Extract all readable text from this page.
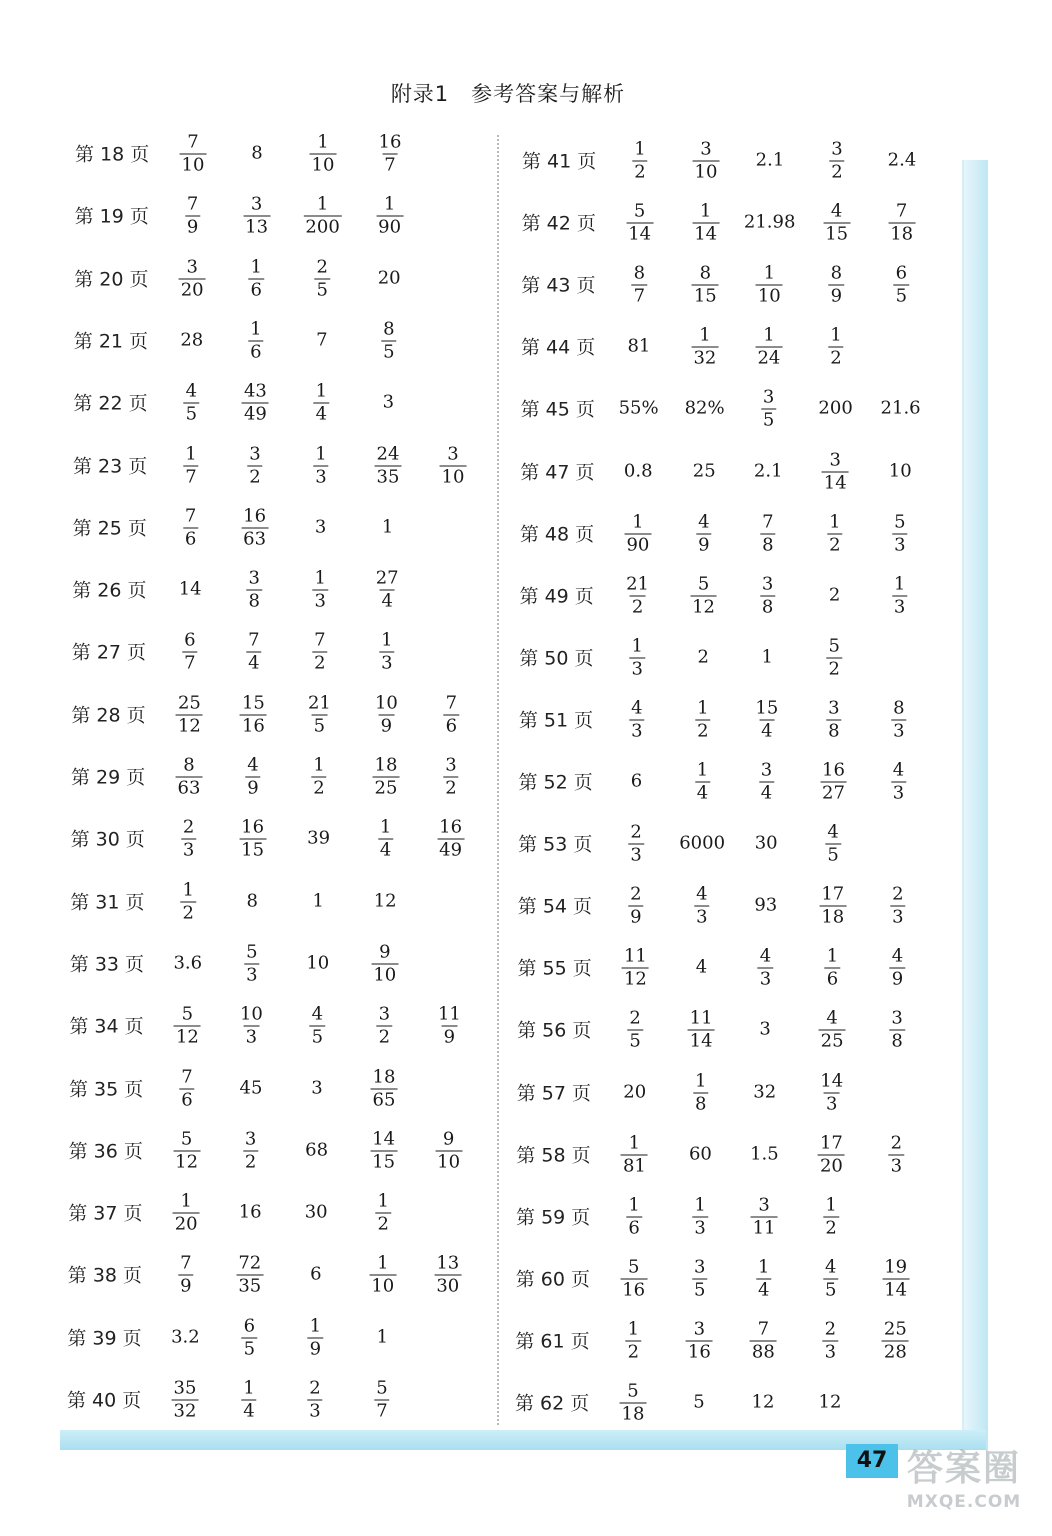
附录1　参考答案与解析
第 18 页 $\frac{7}{10} 8$	$\frac{1}{10} \frac{16}{7}$
第 19 页 $\frac{7}{9} \frac{3}{13} \frac{1}{200} \frac{1}{90}$
第 20 页 $\frac{3}{20} \frac{1}{6}$	$\frac{2}{5}$	20
第 21 页 $28 \frac{1}{6}$	7	$\frac{8}{5}$
第 22 页 $\frac{4}{5} \frac{43}{49} \frac{1}{4}$	3
第 23 页 $\frac{1}{7}$	$\frac{3}{2}$	$\frac{1}{3}$	$\frac{24}{35} \frac{3}{10}$
第 25 页 $\frac{7}{6} \frac{16}{63}$	3	1
第 26 页 $14 \frac{3}{8}$	$\frac{1}{3}$	$\frac{27}{4}$
第 27 页 $\frac{6}{7}$	$\frac{7}{4}$	$\frac{7}{2}$	$\frac{1}{3}$
第 28 页 $\frac{25}{12} \frac{15}{16} \frac{21}{5} \frac{10}{9} \frac{7}{6}$
第 29 页 $\frac{8}{63} \frac{4}{9}$	$\frac{1}{2}$	$\frac{18}{25} \frac{3}{2}$
第 30 页 $\frac{2}{3} \frac{16}{15} 39$	$\frac{1}{4} \frac{16}{49}$
第 31 页 $\frac{1}{2}$	8	1	12
第 33 页 $3.6 \frac{5}{3}$	$10 \frac{9}{10}$
第 34 页 $\frac{5}{12} \frac{10}{3} \frac{4}{5}$	$\frac{3}{2} \frac{11}{9}$
第 35 页 $\frac{7}{6} 45$	3	$\frac{18}{65}$
第 36 页 $\frac{5}{12} \frac{3}{2}$	$68 \frac{14}{15} \frac{9}{10}$
第 37 页 $\frac{1}{20} 16$ 30	$\frac{1}{2}$
第 38 页 $\frac{7}{9} \frac{72}{35}$	6	$\frac{1}{10} \frac{13}{30}$
第 39 页 $3.2 \frac{6}{5}$	$\frac{1}{9}$	1
第 40 页 $\frac{35}{32} \frac{1}{4}$	$\frac{2}{3}$	$\frac{5}{7}$
第 41 页 $\frac{1}{2} \frac{3}{10} 2.1 \frac{3}{2} 2.4$
第 42 页 $\frac{5}{14} \frac{1}{14} 21.98 \frac{4}{15} \frac{7}{18}$
第 43 页 $\frac{8}{7} \frac{8}{15} \frac{1}{10}$	$\frac{8}{9}$	$\frac{6}{5}$
第 44 页 $81 \frac{1}{32} \frac{1}{24}$	$\frac{1}{2}$
第 45 页 55% $82\% \frac{3}{5} 200$ 21.6
第 47 页 0.8 25 $2.1 \frac{3}{14} 10$
第 48 页 $\frac{1}{90} \frac{4}{9}$	$\frac{7}{8}$	$\frac{1}{2}$	$\frac{5}{3}$
第 49 页 $\frac{21}{2} \frac{5}{12} \frac{3}{8}$	2	$\frac{1}{3}$
第 50 页 $\frac{1}{3}$	2	1	$\frac{5}{2}$
第 51 页 $\frac{4}{3}$	$\frac{1}{2} \frac{15}{4}$	$\frac{3}{8}$	$\frac{8}{3}$
第 52 页 6	$\frac{1}{4}$	$\frac{3}{4}$	$\frac{16}{27} \frac{4}{3}$
第 53 页 $\frac{2}{3} 6000$ 30	$\frac{4}{5}$
第 54 页 $\frac{2}{9}$	$\frac{4}{3} 93 \frac{17}{18} \frac{2}{3}$
第 55 页 $\frac{11}{12}$	4	$\frac{4}{3}$	$\frac{1}{6}$	$\frac{4}{9}$
第 56 页 $\frac{2}{5} \frac{11}{14} 3$	$\frac{4}{25} \frac{3}{8}$
第 57 页 20	$\frac{1}{8} 32 \frac{14}{3}$
第 58 页 $\frac{1}{81} 60$ $1.5 \frac{17}{20} \frac{2}{3}$
第 59 页 $\frac{1}{6}$	$\frac{1}{3} \frac{3}{11}$	$\frac{1}{2}$
第 60 页 $\frac{5}{16} \frac{3}{5}$	$\frac{1}{4}$	$\frac{4}{5} \frac{19}{14}$
第 61 页 $\frac{1}{2} \frac{3}{16} \frac{7}{88}$	$\frac{2}{3} \frac{25}{28}$
第 62 页 $\frac{5}{18}$	5	12 12
47 答案圈
MXQE.COM
